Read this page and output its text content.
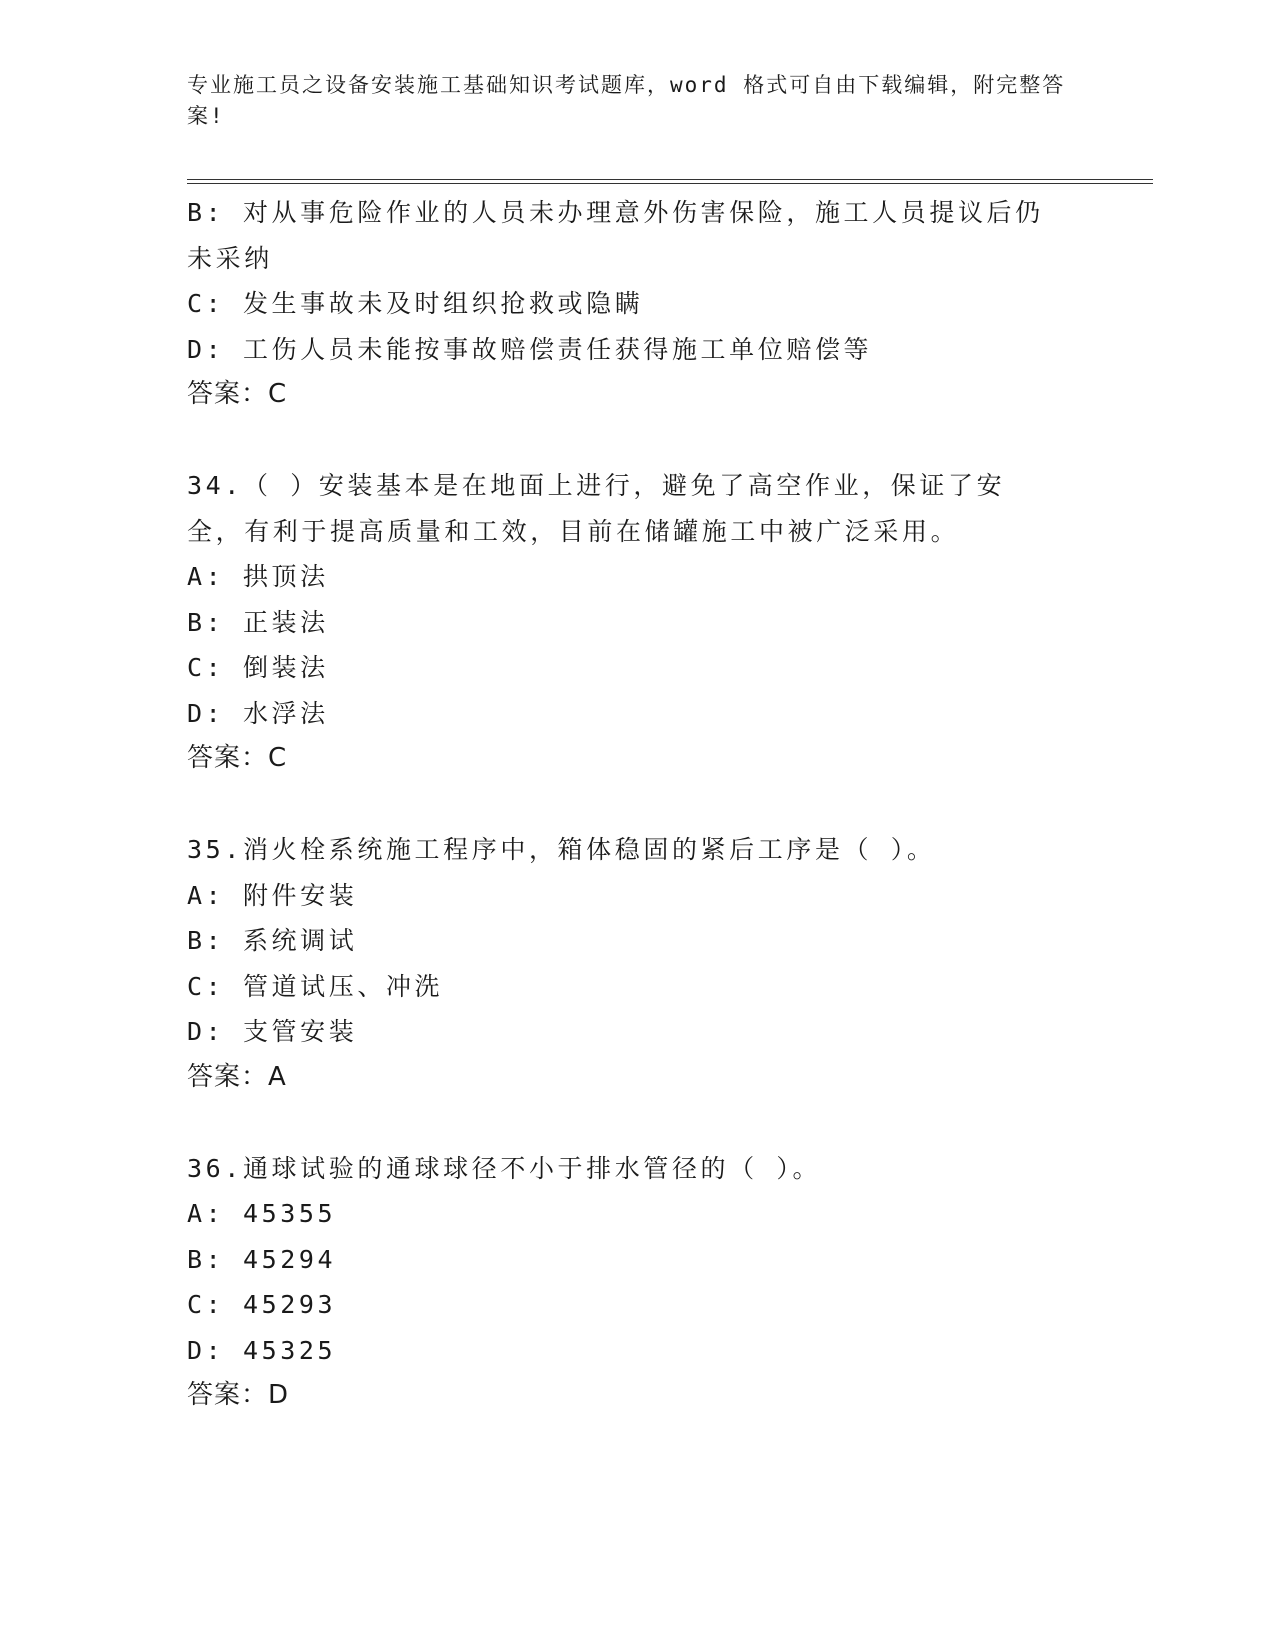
专业施工员之设备安装施工基础知识考试题库，word 格式可自由下载编辑，附完整答案!
B: 对从事危险作业的人员未办理意外伤害保险，施工人员提议后仍未采纳
C: 发生事故未及时组织抢救或隐瞒
D: 工伤人员未能按事故赔偿责任获得施工单位赔偿等
答案：C
34.（ ）安装基本是在地面上进行，避免了高空作业，保证了安全，有利于提高质量和工效，目前在储罐施工中被广泛采用。
A: 拱顶法
B: 正装法
C: 倒装法
D: 水浮法
答案：C
35.消火栓系统施工程序中，箱体稳固的紧后工序是（ ）。
A: 附件安装
B: 系统调试
C: 管道试压、冲洗
D: 支管安装
答案：A
36.通球试验的通球球径不小于排水管径的（ ）。
A: 45355
B: 45294
C: 45293
D: 45325
答案：D
